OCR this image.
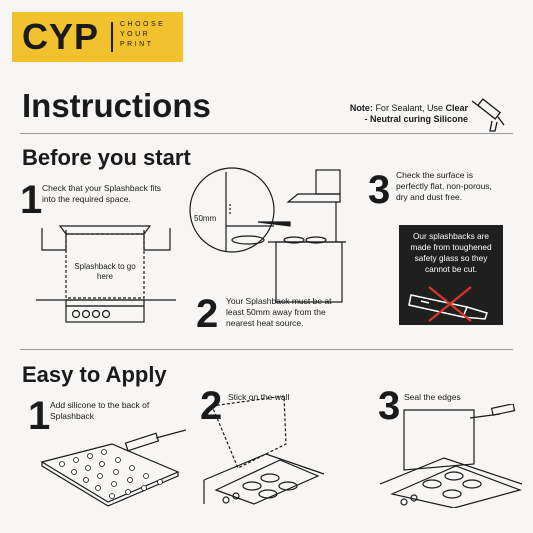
CYP	CHOOSE
YOUR
PRINT
Instructions	Note: For Sealant, Use Clear
- Neutral curing Silicone
Before you start
1 Check that your Splashback fits into the required space.
Splashback to go here
50mm
2 Your Splashback must be at least 50mm away from the nearest heat source.
3 Check the surface is perfectly flat, non-porous, dry and dust free.
Our splashbacks are made from toughened safety glass so they cannot be cut.
Easy to Apply
1 Add silicone to the back of Splashback	2 Stick on the wall	3 Seal the edges
